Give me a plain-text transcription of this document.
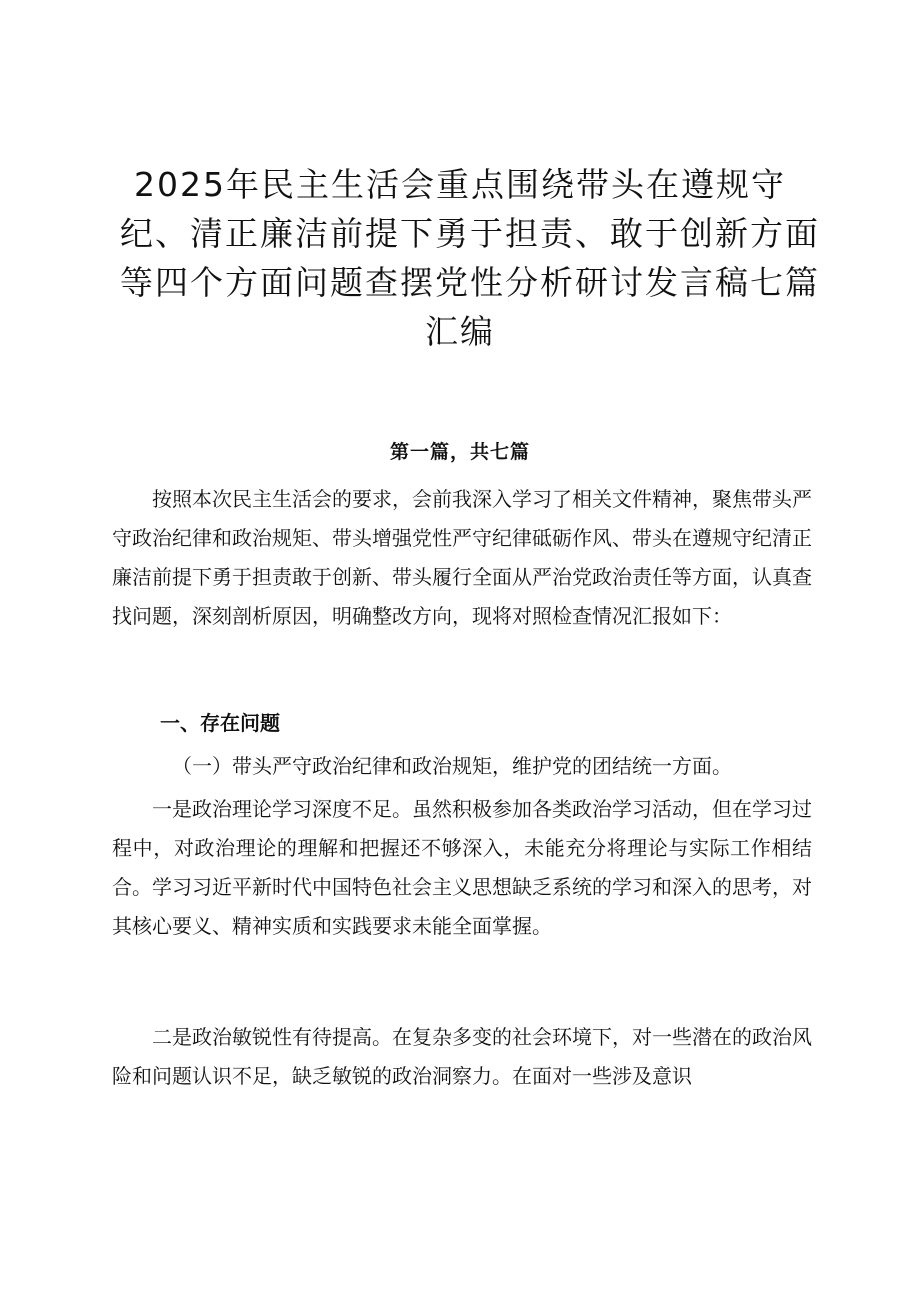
2025年民主生活会重点围绕带头在遵规守
纪、清正廉洁前提下勇于担责、敢于创新方面
等四个方面问题查摆党性分析研讨发言稿七篇
汇编
第一篇，共七篇

按照本次民主生活会的要求，会前我深入学习了相关文件精神，聚焦带头严守政治纪律和政治规矩、带头增强党性严守纪律砥砺作风、带头在遵规守纪清正廉洁前提下勇于担责敢于创新、带头履行全面从严治党政治责任等方面，认真查找问题，深刻剖析原因，明确整改方向，现将对照检查情况汇报如下：

一、存在问题
（一）带头严守政治纪律和政治规矩，维护党的团结统一方面。

一是政治理论学习深度不足。虽然积极参加各类政治学习活动，但在学习过程中，对政治理论的理解和把握还不够深入，未能充分将理论与实际工作相结合。学习习近平新时代中国特色社会主义思想缺乏系统的学习和深入的思考，对其核心要义、精神实质和实践要求未能全面掌握。

二是政治敏锐性有待提高。在复杂多变的社会环境下，对一些潜在的政治风险和问题认识不足，缺乏敏锐的政治洞察力。在面对一些涉及意识
